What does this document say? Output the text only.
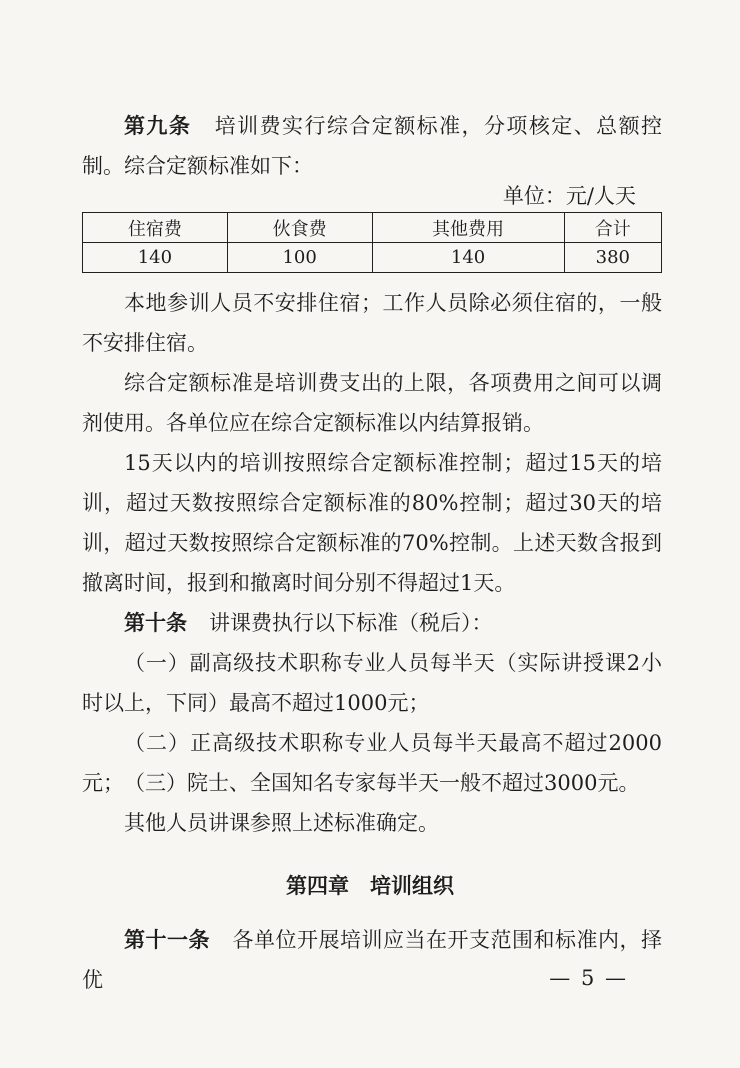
第九条 培训费实行综合定额标准，分项核定、总额控制。综合定额标准如下：

单位：元/人天
住宿费	伙食费	其他费用	合计
140	100	140	380

本地参训人员不安排住宿；工作人员除必须住宿的，一般不安排住宿。

综合定额标准是培训费支出的上限，各项费用之间可以调剂使用。各单位应在综合定额标准以内结算报销。

15天以内的培训按照综合定额标准控制；超过15天的培训，超过天数按照综合定额标准的80%控制；超过30天的培训，超过天数按照综合定额标准的70%控制。上述天数含报到撤离时间，报到和撤离时间分别不得超过1天。

第十条 讲课费执行以下标准（税后）：

（一）副高级技术职称专业人员每半天（实际讲授课2小时以上，下同）最高不超过1000元；

（二）正高级技术职称专业人员每半天最高不超过2000元； （三）院士、全国知名专家每半天一般不超过3000元。

其他人员讲课参照上述标准确定。

第四章　培训组织

第十一条 各单位开展培训应当在开支范围和标准内，择优	— 5 —
